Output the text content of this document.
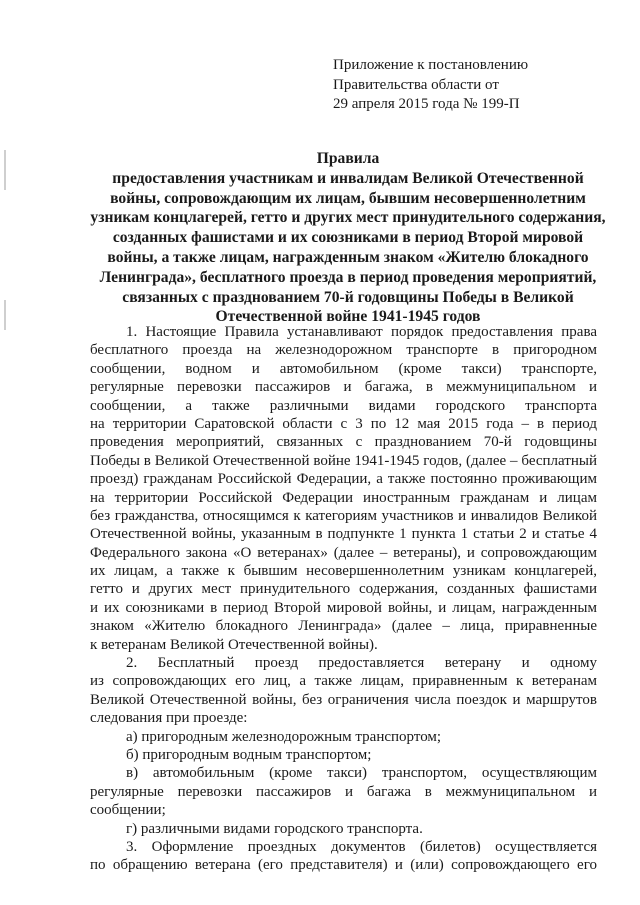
Приложение к постановлению
Правительства области от
29 апреля 2015 года № 199-П
Правила
предоставления участникам и инвалидам Великой Отечественной
войны, сопровождающим их лицам, бывшим несовершеннолетним
узникам концлагерей, гетто и других мест принудительного содержания,
созданных фашистами и их союзниками в период Второй мировой
войны, а также лицам, награжденным знаком «Жителю блокадного
Ленинграда», бесплатного проезда в период проведения мероприятий,
связанных с празднованием 70-й годовщины Победы в Великой
Отечественной войне 1941-1945 годов
1. Настоящие Правила устанавливают порядок предоставления права
бесплатного проезда на железнодорожном транспорте в пригородном
сообщении, водном и автомобильном (кроме такси) транспорте,
регулярные перевозки пассажиров и багажа, в межмуниципальном и
сообщении, а также различными видами городского транспорта
на территории Саратовской области с 3 по 12 мая 2015 года – в период
проведения мероприятий, связанных с празднованием 70-й годовщины
Победы в Великой Отечественной войне 1941-1945 годов, (далее – бесплатный
проезд) гражданам Российской Федерации, а также постоянно проживающим
на территории Российской Федерации иностранным гражданам и лицам
без гражданства, относящимся к категориям участников и инвалидов Великой
Отечественной войны, указанным в подпункте 1 пункта 1 статьи 2 и статье 4
Федерального закона «О ветеранах» (далее – ветераны), и сопровождающим
их лицам, а также к бывшим несовершеннолетним узникам концлагерей,
гетто и других мест принудительного содержания, созданных фашистами
и их союзниками в период Второй мировой войны, и лицам, награжденным
знаком «Жителю блокадного Ленинграда» (далее – лица, приравненные
к ветеранам Великой Отечественной войны).
2. Бесплатный проезд предоставляется ветерану и одному
из сопровождающих его лиц, а также лицам, приравненным к ветеранам
Великой Отечественной войны, без ограничения числа поездок и маршрутов
следования при проезде:
а) пригородным железнодорожным транспортом;
б) пригородным водным транспортом;
в) автомобильным (кроме такси) транспортом, осуществляющим
регулярные перевозки пассажиров и багажа в межмуниципальном и
сообщении;
г) различными видами городского транспорта.
3. Оформление проездных документов (билетов) осуществляется
по обращению ветерана (его представителя) и (или) сопровождающего его
